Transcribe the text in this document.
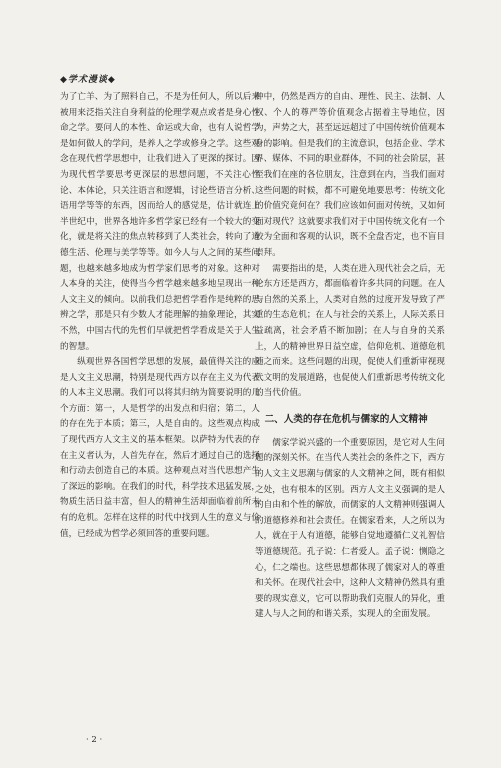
◆学术漫谈◆

为了亡羊、为了照料自己，不是为任何人，所以后来被用来泛指关注自身利益的伦理学观点或者是身心性命之学。要问人的本性、命运或大命，也有人说哲学是如何做人的学问，是养人之学或修身之学。这些观念在现代哲学思想中，让我们进入了更深的探讨。因为现代哲学要思考更深层的思想问题，不关注心性论、本体论，只关注语言和逻辑，讨论些语言分析、语用学等等的东西，因而给人的感觉是，估计就连上半世纪中，世界各地许多哲学家已经有一个较大的变化，就是将关注的焦点转移到了人类社会，转向了道德生活、伦理与美学等等。如今人与人之间的某些问题，也越来越多地成为哲学家们思考的对象。这种对人本身的关注，使得当今哲学越来越多地呈现出一种人文主义的倾向。以前我们总把哲学看作是纯粹的思辨之学，那是只有少数人才能理解的抽象理论，其实不然，中国古代的先哲们早就把哲学看成是关于人生的智慧。

纵观世界各国哲学思想的发展，最值得关注的应是人文主义思潮，特别是现代西方以存在主义为代表的人本主义思潮。我们可以将其归纳为简要说明的几个方面：第一，人是哲学的出发点和归宿；第二，人的存在先于本质；第三，人是自由的。这些观点构成了现代西方人文主义的基本框架。以萨特为代表的存在主义者认为，人首先存在，然后才通过自己的选择和行动去创造自己的本质。这种观点对当代思想产生了深远的影响。在我们的时代，科学技术迅猛发展，物质生活日益丰富，但人的精神生活却面临着前所未有的危机。怎样在这样的时代中找到人生的意义与价值，已经成为哲学必须回答的重要问题。

种中，仍然是西方的自由、理性、民主、法制、人权、个人的尊严等价值观念占据着主导地位，因为，声势之大，甚至远远超过了中国传统价值观本身的影响。但是我们的主流意识，包括企业、学术界、媒体、不同的职业群体，不同的社会阶层，甚至我们在座的各位朋友，注意到在内，当我们面对这些问题的时候，都不可避免地要思考：传统文化的价值究竟何在？我们应该如何面对传统，又如何面对现代？这就要求我们对于中国传统文化有一个较为全面和客观的认识，既不全盘否定，也不盲目崇拜。

需要指出的是，人类在进入现代社会之后，无论东方还是西方，都面临着许多共同的问题。在人与自然的关系上，人类对自然的过度开发导致了严重的生态危机；在人与社会的关系上，人际关系日益疏离，社会矛盾不断加剧；在人与自身的关系上，人的精神世界日益空虚，信仰危机、道德危机随之而来。这些问题的出现，促使人们重新审视现代文明的发展道路，也促使人们重新思考传统文化的当代价值。

二、人类的存在危机与儒家的人文精神

儒家学说兴盛的一个重要原因，是它对人生问题的深刻关怀。在当代人类社会的条件之下，西方的人文主义思潮与儒家的人文精神之间，既有相似之处，也有根本的区别。西方人文主义强调的是人的自由和个性的解放，而儒家的人文精神则强调人的道德修养和社会责任。在儒家看来，人之所以为人，就在于人有道德，能够自觉地遵循仁义礼智信等道德规范。孔子说：仁者爱人。孟子说：恻隐之心，仁之端也。这些思想都体现了儒家对人的尊重和关怀。在现代社会中，这种人文精神仍然具有重要的现实意义，它可以帮助我们克服人的异化，重建人与人之间的和谐关系，实现人的全面发展。

· 2 ·
